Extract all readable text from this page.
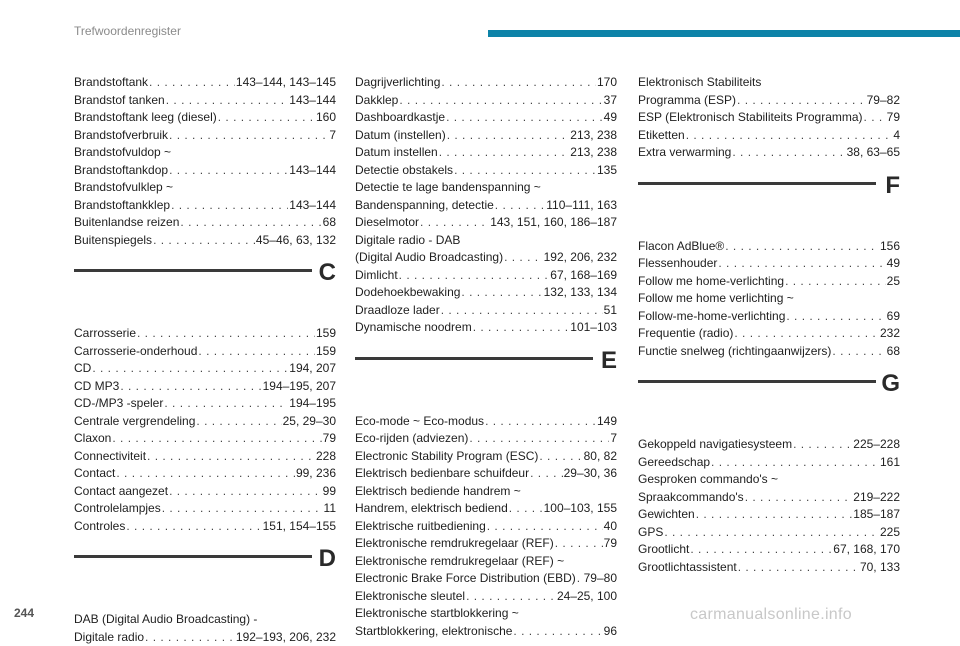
Trefwoordenregister
Brandstoftank . . .	143–144, 143–145
Brandstof tanken . . .	143–144
Brandstoftank leeg (diesel) . . .	160
Brandstofverbruik . . .	7
Brandstofvuldop ~
Brandstoftankdop . . .	143–144
Brandstofvulklep ~
Brandstoftankklep . . .	143–144
Buitenlandse reizen . . .	68
Buitenspiegels . . .	45–46, 63, 132
C
Carrosserie . . .	159
Carrosserie-onderhoud . . .	159
CD . . .	194, 207
CD MP3 . . .	194–195, 207
CD-/MP3 -speler . . .	194–195
Centrale vergrendeling . . .	25, 29–30
Claxon . . .	79
Connectiviteit . . .	228
Contact . . .	99, 236
Contact aangezet . . .	99
Controlelampjes . . .	11
Controles . . .	151, 154–155
D
DAB (Digital Audio Broadcasting) -
Digitale radio . . .	192–193, 206, 232
Dagrijverlichting . . .	170
Dakklep . . .	37
Dashboardkastje . . .	49
Datum (instellen) . . .	213, 238
Datum instellen . . .	213, 238
Detectie obstakels . . .	135
Detectie te lage bandenspanning ~
Bandenspanning, detectie . . .	110–111, 163
Dieselmotor . . .	143, 151, 160, 186–187
Digitale radio - DAB
(Digital Audio Broadcasting) . . .	192, 206, 232
Dimlicht . . .	67, 168–169
Dodehoekbewaking . . .	132, 133, 134
Draadloze lader . . .	51
Dynamische noodrem . . .	101–103
E
Eco-mode ~ Eco-modus . . .	149
Eco-rijden (adviezen) . . .	7
Electronic Stability Program (ESC) . . .	80, 82
Elektrisch bedienbare schuifdeur . . .	29–30, 36
Elektrisch bediende handrem ~
Handrem, elektrisch bediend . . .	100–103, 155
Elektrische ruitbediening . . .	40
Elektronische remdrukregelaar (REF) . . .	79
Elektronische remdrukregelaar (REF) ~
Electronic Brake Force Distribution (EBD) . . . 79–80
Elektronische sleutel . . .	24–25, 100
Elektronische startblokkering ~
Startblokkering, elektronische . . .	96
Elektronisch Stabiliteits
Programma (ESP) . . .	79–82
ESP (Elektronisch Stabiliteits Programma) . . . 79
Etiketten . . .	4
Extra verwarming . . .	38, 63–65
F
Flacon AdBlue® . . .	156
Flessenhouder . . .	49
Follow me home-verlichting . . .	25
Follow me home verlichting ~
Follow-me-home-verlichting . . .	69
Frequentie (radio) . . .	232
Functie snelweg (richtingaanwijzers) . . .	68
G
Gekoppeld navigatiesysteem . . .	225–228
Gereedschap . . .	161
Gesproken commando's ~
Spraakcommando's . . .	219–222
Gewichten . . .	185–187
GPS . . .	225
Grootlicht . . .	67, 168, 170
Grootlichtassistent . . .	70, 133
244	carmanualsonline.info
